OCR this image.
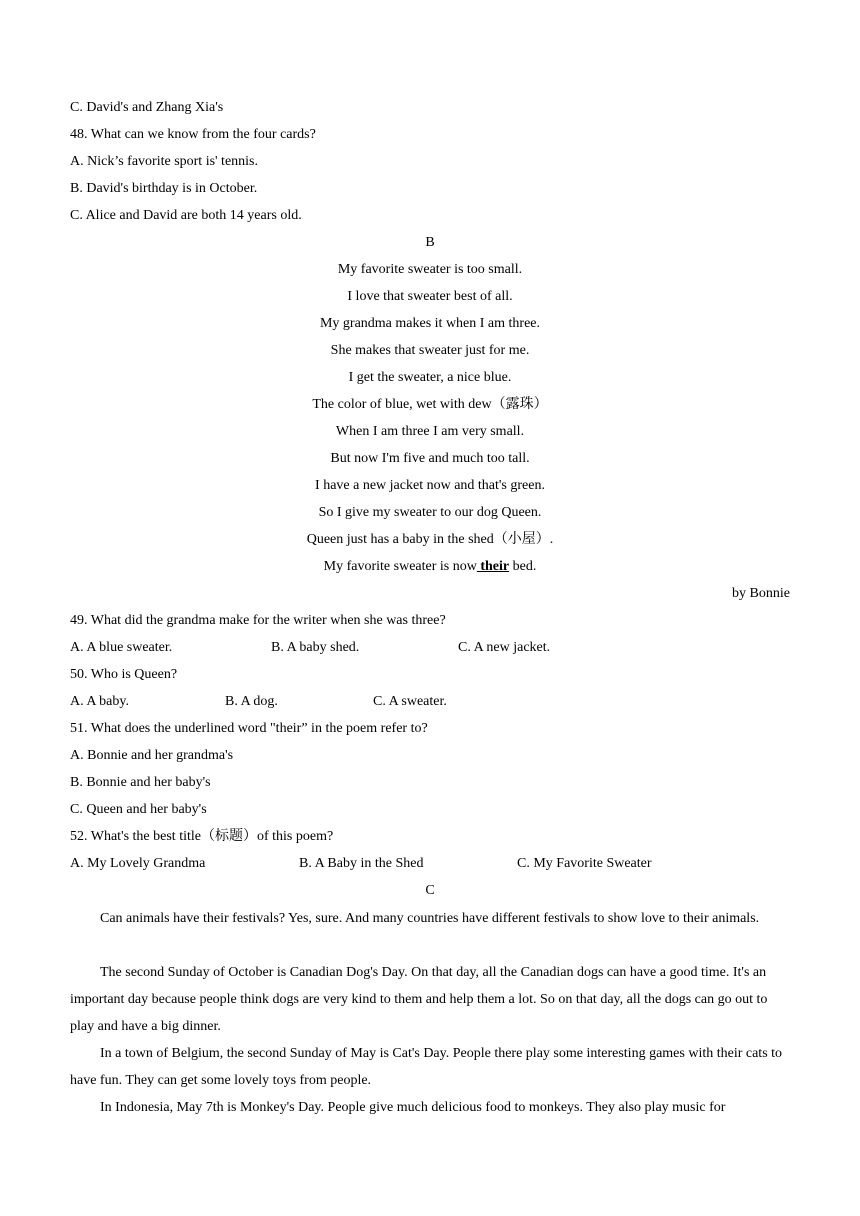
C. David's and Zhang Xia's
48. What can we know from the four cards?
A. Nick’s favorite sport is' tennis.
B. David's birthday is in October.
C. Alice and David are both 14 years old.
B
My favorite sweater is too small.
I love that sweater best of all.
My grandma makes it when I am three.
She makes that sweater just for me.
I get the sweater, a nice blue.
The color of blue, wet with dew（露珠）
When I am three I am very small.
But now I'm five and much too tall.
I have a new jacket now and that's green.
So I give my sweater to our dog Queen.
Queen just has a baby in the shed（小屋）.
My favorite sweater is now their bed.
by Bonnie
49. What did the grandma make for the writer when she was three?
A. A blue sweater.	B. A baby shed.	C. A new jacket.
50. Who is Queen?
A. A baby.	B. A dog.	C. A sweater.
51. What does the underlined word "their” in the poem refer to?
A. Bonnie and her grandma's
B. Bonnie and her baby's
C. Queen and her baby's
52. What's the best title（标题）of this poem?
A. My Lovely Grandma	B. A Baby in the Shed	C. My Favorite Sweater
C
Can animals have their festivals? Yes, sure. And many countries have different festivals to show love to their animals.
The second Sunday of October is Canadian Dog's Day. On that day, all the Canadian dogs can have a good time. It's an important day because people think dogs are very kind to them and help them a lot. So on that day, all the dogs can go out to play and have a big dinner.
In a town of Belgium, the second Sunday of May is Cat's Day. People there play some interesting games with their cats to have fun. They can get some lovely toys from people.
In Indonesia, May 7th is Monkey's Day. People give much delicious food to monkeys. They also play music for
